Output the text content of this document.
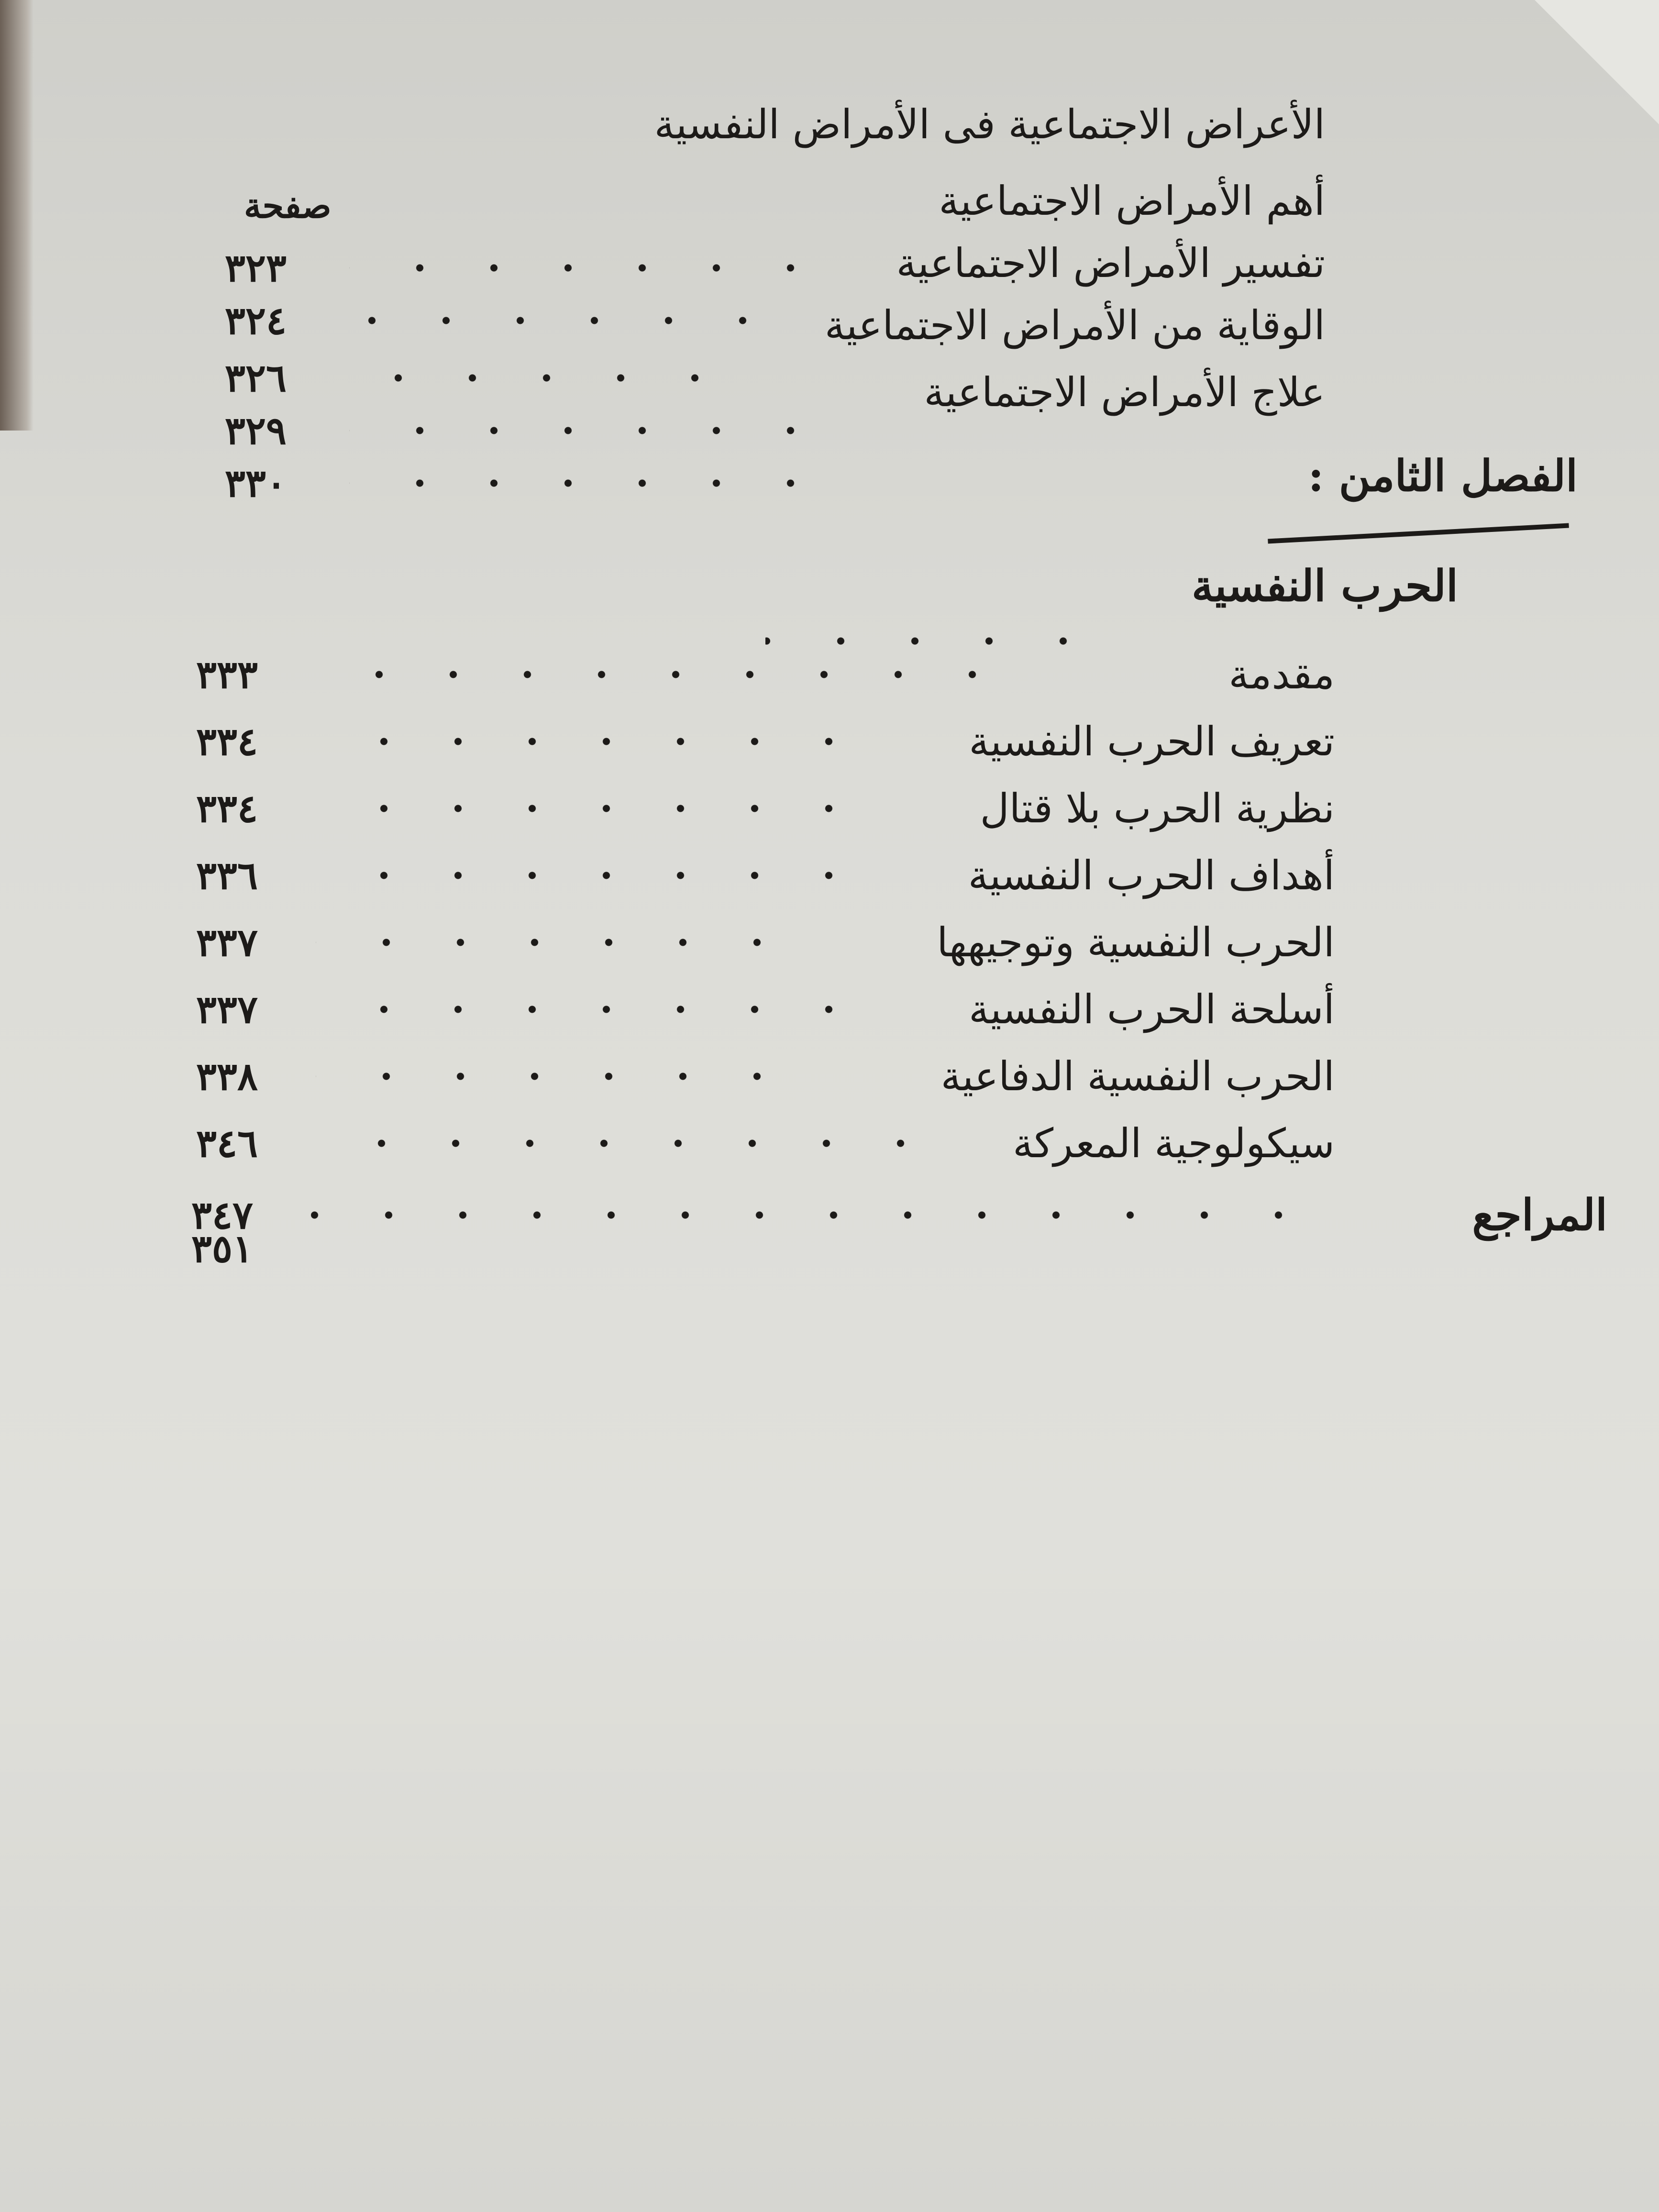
صفحة
الأعراض الاجتماعية فى الأمراض النفسية
٣٢٣
أهم الأمراض الاجتماعية
٣٢٤
تفسير الأمراض الاجتماعية
٣٢٦
الوقاية من الأمراض الاجتماعية
٣٢٩
علاج الأمراض الاجتماعية
٣٣٠	الفصل الثامن :
الحرب النفسية
مقدمة
٣٣٣
تعريف الحرب النفسية
٣٣٤
نظرية الحرب بلا قتال
٣٣٤
أهداف الحرب النفسية
٣٣٦
الحرب النفسية وتوجيهها
٣٣٧
أسلحة الحرب النفسية
٣٣٧
الحرب النفسية الدفاعية
٣٣٨
سيكولوجية المعركة
٣٤٦
المراجع
٣٤٧
٣٥١
